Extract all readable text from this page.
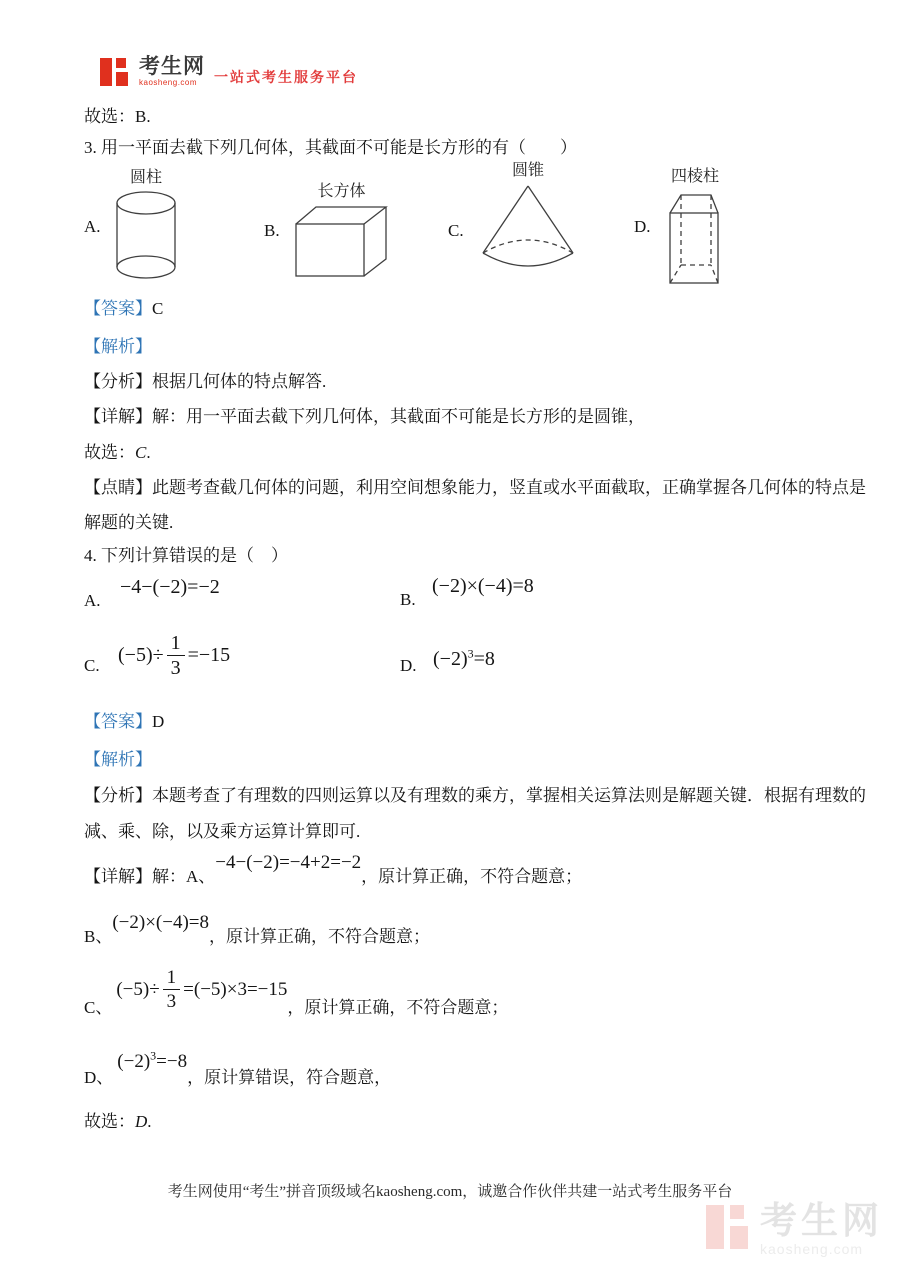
考生网
kaosheng.com	一站式考生服务平台
故选：B.
3. 用一平面去截下列几何体，其截面不可能是长方形的有（　　）
A.	B.	C.	D.
圆柱
长方体
圆锥	四棱柱
【答案】C
【解析】
【分析】根据几何体的特点解答.
【详解】解：用一平面去截下列几何体，其截面不可能是长方形的是圆锥，
故选：C.
【点睛】此题考查截几何体的问题，利用空间想象能力，竖直或水平面截取，正确掌握各几何体的特点是
解题的关键.
4. 下列计算错误的是（　）
A.
−4−(−2)=−2
B.
(−2)×(−4)=8
C. $(-5)\div \frac{1}{3} =-15$	D. $(-2)^3=8$
【答案】D
【解析】
【分析】本题考查了有理数的四则运算以及有理数的乘方，掌握相关运算法则是解题关键．根据有理数的
减、乘、除，以及乘方运算计算即可.
【详解】解：A、
−4−(−2)=−4+2=−2
，原计算正确，不符合题意；
B、
(−2)×(−4)=8
，原计算正确，不符合题意；
C、
$(-5)\div \frac{1}{3} =(-5)\times 3=-15$
，原计算正确，不符合题意；
D、
$(-2)^3=-8$
，原计算错误，符合题意，
故选：D.
考生网使用“考生”拼音顶级域名kaosheng.com，诚邀合作伙伴共建一站式考生服务平台
考生网
kaosheng.com
